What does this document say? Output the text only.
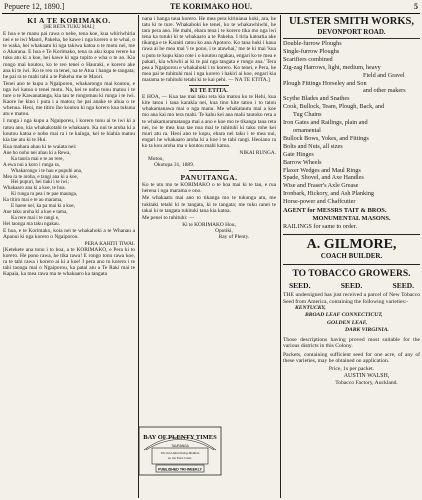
Pepuere 12, 1890.]	TE KORIMAKO HOU.	5
KI A TE KORIMAKO.
[HE RETA TUKU MAI.]

E hoa e te manu pai rawa o nehe, tena koe, kua whiriwhiria nei e te iwi Maori, Pakeha, he kawe i nga korero o te whai, o te waka, hei whakaatu ki nga takiwa katoa o te motu nei, me o Akarana. E hoa e Te Korimako, tena ra aku kupu rerere ka tuku atu ki a koe, hei kawe ki nga topito e wha o te ao. Kia rongo mai koutou, ko te reo tenei o Hauraki, e korero ake ana ki te iwi. Ko te reo ra tenei, na te Atua i hanga te tangata; he pai ra te mahi tahi a te Pakeha me te Maori.

Tenei ano te kupu a Ngaiporeu, whakarongo mai koutou, e nga iwi katoa o tenei motu. Na, kei te noho tonu matou i te ture o te Kawanatanga, kia tau te rongomau ki runga i te iwi. Kaore he kino i puta i a matou; he pai anake te ahua o te whenua. Heoi, me titiro iho koutou ki nga korero kua tukuna atu e matou.

I runga i nga kupu a Ngaiporeu, i korero tonu ai te iwi ki a ratou ano, kia whakakotahi te whakaaro. Ka nui te aroha ki a koutou katoa e noho mai ra i te kainga, kei te hiahia matou kia tae atu ki te Hui.

Kua mahara ahau ki te waiata nei:

Aue ho noho nei ahau ki a Rewa,

Ka tauria mai e te ao rere,

A ewa nui a koro i runga ra,

Whakarongo i te hau e pupuhi ana,

Mea ra te aroha, e tangi ana ki a koe,

Hei pupuri, hei tiaki i te iwi;

Whakaaro ana ki a koe, te hoa.

Ki runga ra pea i te pae maunga,

Ka titiro mai e te ao marama,

E haere nei, ka pa mai ki a koe,

Aue taku aroha ki a koe e tama,

Ka rere mai i te rangi e,

Hei taonga ma taku ngakau.

E hoa, e te Korimako, koia nei te whakahoki a te Whanau a Apanui ki nga korero o Ngaiporou.

PERA KAHITI TIWAI.

[Ketekete ana tonu i to hoa, a te KORIMAKO, e Pera ki to korero. He pono rawa, he tika rawa! E rongo tonu rawa koe, ra te tahi rawa i korero ai ki a koe! I pera ano to korero i te tahi taonga mai o Ngaiporou, ka patai atu a Te Raki mai te Kapaia, ka mea rawa ma te whakaaro ka tangata

nana i hanga taua korero. He mea pera kiriniaua koki, ara, he tatu ki te ture. Whakahoki ke tenei, ko te whakawhiwhi, he tara pera ano. He mahi, ehara tena i te korero tika mo nga iwi tena ka tutuki ki te whakaaro a te Pakeha. I tiria katoatia ake tikanga e te Karaiti ratou ko ana Apotoro. Ko tana huki i kaua rawa ai he mea mai 'i te pono, i te atawhai,' me te ki mai 'kua u putu te kupu kino rote i o koutou ngakau, engari ko te mea e pakari, kia whiwhi ai ki te pai nga tangata e rongo ana.' Tera pea a Ngaiporou e whakahoki i to korero. Ko tenei, e Pera, he mea pai te tuhituhi mai i nga korero i hakiri ai koe, engari kia marama te tuhituhi tetahi ki te kai pehi. — NA TE ETITA.]

KI TE ETITA.

E HOA, — Kua tae mai taku reta kia matou ko te Hehi, kua kite tatou i taua karakia nei, kua tino kite tatou i to tatou whakamanawa mai o nga manu. Me whakatautu mai a koe mo ana kai mo tera mahi. Te kahu kei ana mahi tautoko reta a te whakamaramatanga mai a ano e koe mo te tikanga taua reta nei, no te mea kua tae noa mai te tuhituhi ki taku rohe kei muri atu ra. Heoi ano te kupu, ehara nei taku i te mea nui, engari he whakaaro aroha ki a koe i te tahi rangi. Heoiano ra ko ta kou aroha ma o koutou mahi katoa.

NIKAI RUNGA.
Motoo,
Okotopa 31, 1889.
PANUITANGA.

Ko te utu mo te KORIMAKO o te hoa mai ki te tau, e rua herena i nga marama e ono.

Me whakaatu mai ano to tikanga mo te tukunga atu, me tukitaki tetahi ki te tangata, ki te tangata; me tuku ranei te takai ki te tangata tukituki tana kia katoa.

Me penei to tuhituhi: —

Ki te KORIMAKO Hou,
Opotiki,
Bay of Plenty.
BAY OF PLENTY TIMES
TAURANGA
The best Advertising Medium
on the East Coast.
PUBLISHED TRI-WEEKLY
ULSTER SMITH WORKS,
DEVONPORT ROAD.

Double-furrow Ploughs

Single-furrow Ploughs

Scarifiers combined

Zig-zag Harrows, light, medium, heavy

Field and Gravel

Plough Fittings Horseley and Son

and other makers

Scythe Blades and Snathes

Cook, Bullock, Team, Plough, Back, and

Tug Chains

Iron Gates and Railings, plain and

ornamental

Bullock Bows, Yokes, and Fittings

Bolts and Nuts, all sizes

Gate Hinges

Barrow Wheels

Flaxer Wedges and Maul Rings

Spade, Shovel, and Axe Handles

Wise and Fraser's Axle Grease

Ironbark, Hickory, and Ash Planking

Horse-power and Chaffcutter

AGENT for MESSRS TAIT & BROS.
MONUMENTAL MASONS.
RAILINGS for same to order.
A. GILMORE,
COACH BUILDER.
TO TOBACCO GROWERS.
SEED.	SEED.	SEED.
THE undersigned has just received a parcel of New Tobacco Seed from America, containing the following varieties:-
KENTUCKY,
BROAD LEAF CONNECTICUT,
GOLDEN LEAF,
DARK VIRGINIA.
Those descriptions having proved most suitable for the various districts in this Colony.
Packets, containing sufficient seed for one acre, of any of these varieties, may be obtained on application.
Price, 1s per packet.
AUSTIN WALSH,
Tobacco Factory, Auckland.
